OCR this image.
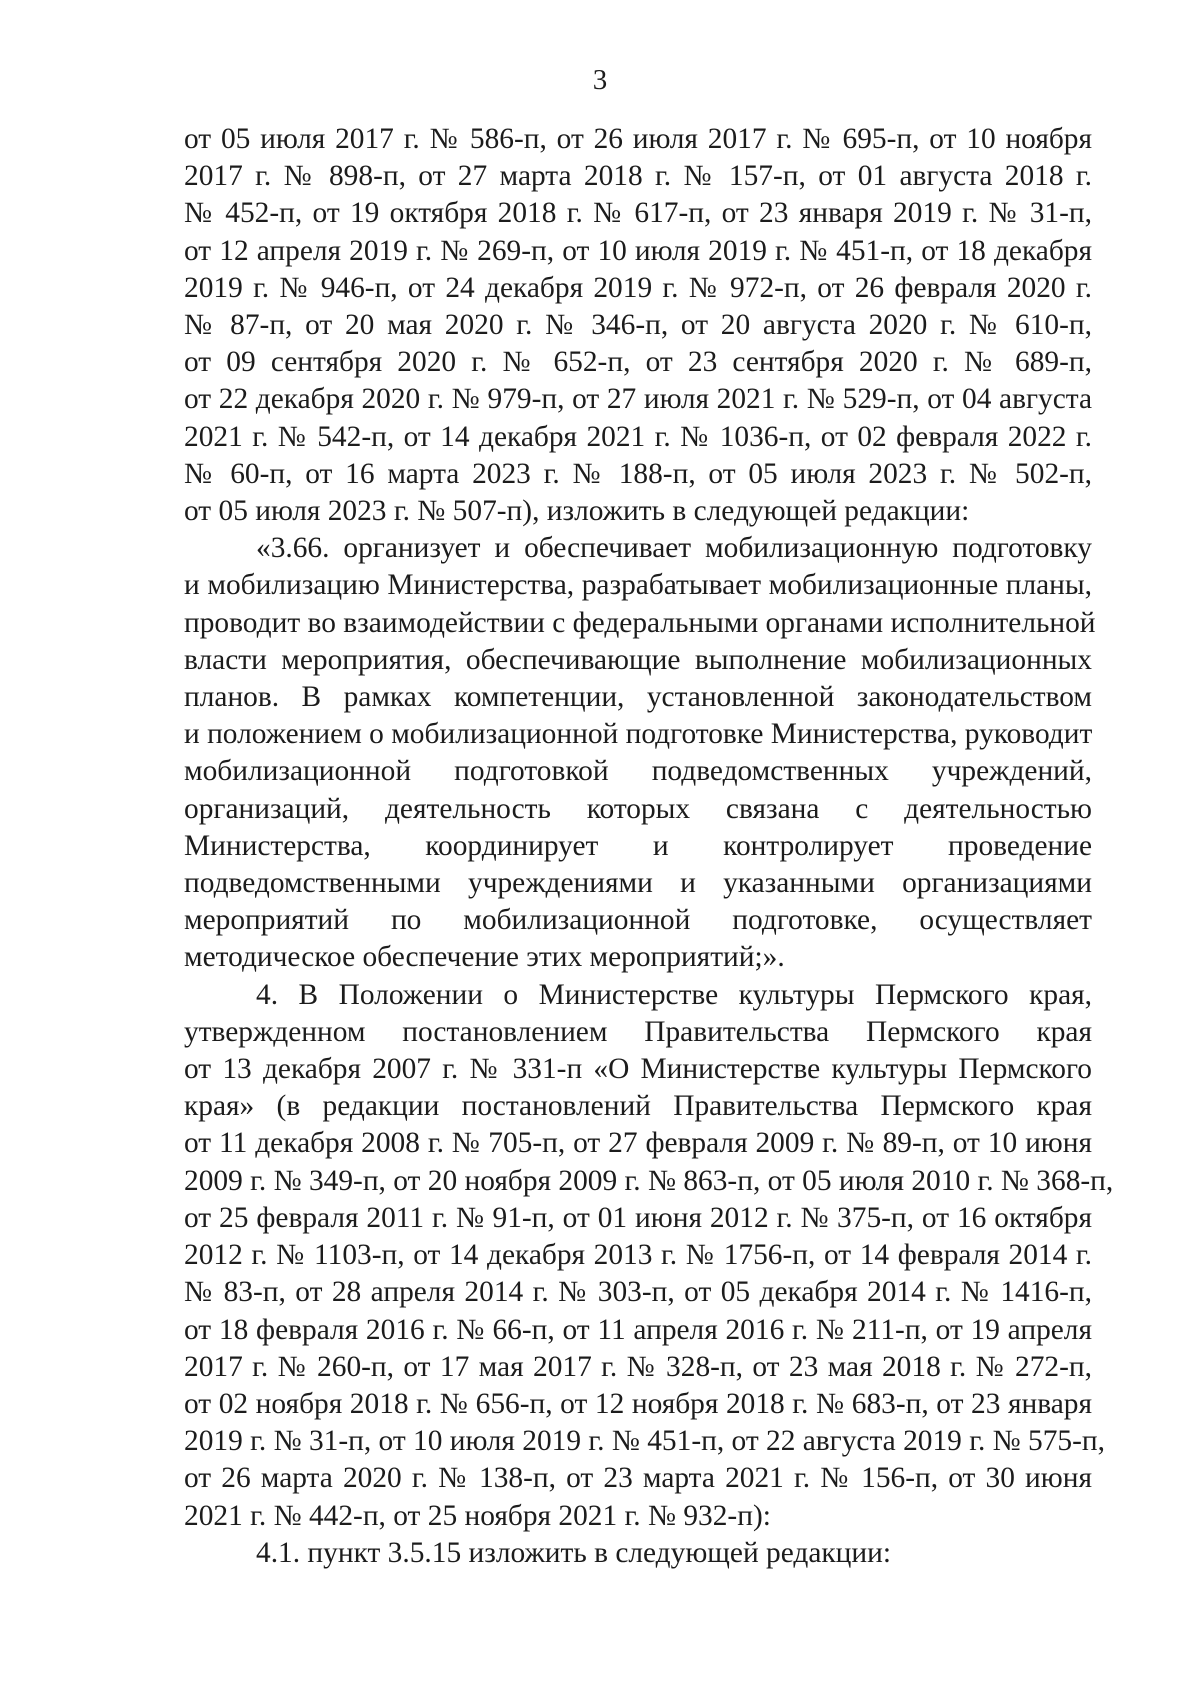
3
от 05 июля 2017 г. № 586-п, от 26 июля 2017 г. № 695-п, от 10 ноября
2017 г. № 898-п, от 27 марта 2018 г. № 157-п, от 01 августа 2018 г.
№ 452-п, от 19 октября 2018 г. № 617-п, от 23 января 2019 г. № 31-п,
от 12 апреля 2019 г. № 269-п, от 10 июля 2019 г. № 451-п, от 18 декабря
2019 г. № 946-п, от 24 декабря 2019 г. № 972-п, от 26 февраля 2020 г.
№ 87-п, от 20 мая 2020 г. № 346-п, от 20 августа 2020 г. № 610-п,
от 09 сентября 2020 г. № 652-п, от 23 сентября 2020 г. № 689-п,
от 22 декабря 2020 г. № 979-п, от 27 июля 2021 г. № 529-п, от 04 августа
2021 г. № 542-п, от 14 декабря 2021 г. № 1036-п, от 02 февраля 2022 г.
№ 60-п, от 16 марта 2023 г. № 188-п, от 05 июля 2023 г. № 502-п,
от 05 июля 2023 г. № 507-п), изложить в следующей редакции:
«3.66. организует и обеспечивает мобилизационную подготовку
и мобилизацию Министерства, разрабатывает мобилизационные планы,
проводит во взаимодействии с федеральными органами исполнительной
власти мероприятия, обеспечивающие выполнение мобилизационных
планов. В рамках компетенции, установленной законодательством
и положением о мобилизационной подготовке Министерства, руководит
мобилизационной подготовкой подведомственных учреждений,
организаций, деятельность которых связана с деятельностью
Министерства, координирует и контролирует проведение
подведомственными учреждениями и указанными организациями
мероприятий по мобилизационной подготовке, осуществляет
методическое обеспечение этих мероприятий;».
4. В Положении о Министерстве культуры Пермского края,
утвержденном постановлением Правительства Пермского края
от 13 декабря 2007 г. № 331-п «О Министерстве культуры Пермского
края» (в редакции постановлений Правительства Пермского края
от 11 декабря 2008 г. № 705-п, от 27 февраля 2009 г. № 89-п, от 10 июня
2009 г. № 349-п, от 20 ноября 2009 г. № 863-п, от 05 июля 2010 г. № 368-п,
от 25 февраля 2011 г. № 91-п, от 01 июня 2012 г. № 375-п, от 16 октября
2012 г. № 1103-п, от 14 декабря 2013 г. № 1756-п, от 14 февраля 2014 г.
№ 83-п, от 28 апреля 2014 г. № 303-п, от 05 декабря 2014 г. № 1416-п,
от 18 февраля 2016 г. № 66-п, от 11 апреля 2016 г. № 211-п, от 19 апреля
2017 г. № 260-п, от 17 мая 2017 г. № 328-п, от 23 мая 2018 г. № 272-п,
от 02 ноября 2018 г. № 656-п, от 12 ноября 2018 г. № 683-п, от 23 января
2019 г. № 31-п, от 10 июля 2019 г. № 451-п, от 22 августа 2019 г. № 575-п,
от 26 марта 2020 г. № 138-п, от 23 марта 2021 г. № 156-п, от 30 июня
2021 г. № 442-п, от 25 ноября 2021 г. № 932-п):
4.1. пункт 3.5.15 изложить в следующей редакции:
